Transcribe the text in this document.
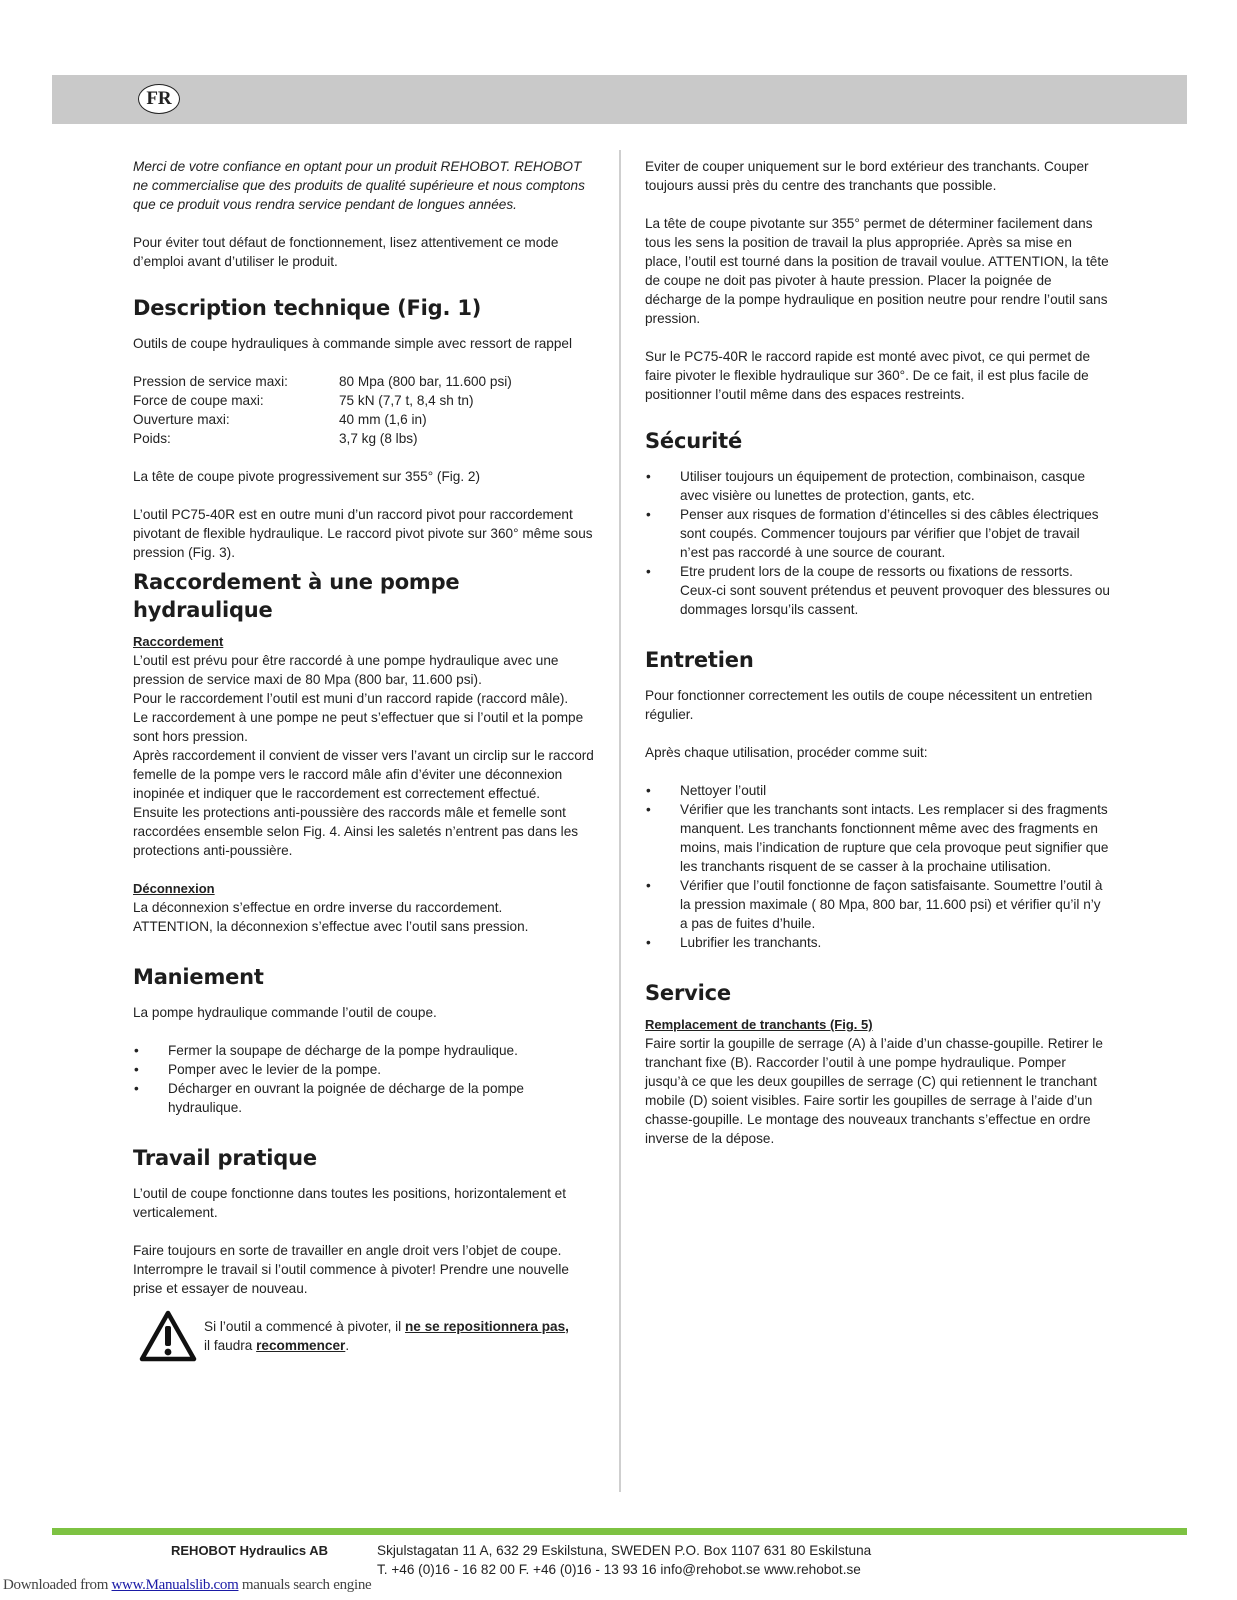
FR

Merci de votre confiance en optant pour un produit REHOBOT. REHOBOT ne commercialise que des produits de qualité supérieure et nous comptons que ce produit vous rendra service pendant de longues années.

Pour éviter tout défaut de fonctionnement, lisez attentivement ce mode d’emploi avant d’utiliser le produit.

Description technique (Fig. 1)

Outils de coupe hydrauliques à commande simple avec ressort de rappel

Pression de service maxi:	80 Mpa (800 bar, 11.600 psi)
Force de coupe maxi:	75 kN (7,7 t, 8,4 sh tn)
Ouverture maxi:	40 mm (1,6 in)
Poids:	3,7 kg (8 lbs)

La tête de coupe pivote progressivement sur 355° (Fig. 2)

L’outil PC75-40R est en outre muni d’un raccord pivot pour raccordement pivotant de flexible hydraulique. Le raccord pivot pivote sur 360° même sous pression (Fig. 3).

Raccordement à une pompe hydraulique

Raccordement

L’outil est prévu pour être raccordé à une pompe hydraulique avec une pression de service maxi de 80 Mpa (800 bar, 11.600 psi).

Pour le raccordement l’outil est muni d’un raccord rapide (raccord mâle).

Le raccordement à une pompe ne peut s’effectuer que si l’outil et la pompe sont hors pression.

Après raccordement il convient de visser vers l’avant un circlip sur le raccord femelle de la pompe vers le raccord mâle afin d’éviter une déconnexion inopinée et indiquer que le raccordement est correctement effectué.

Ensuite les protections anti-poussière des raccords mâle et femelle sont raccordées ensemble selon Fig. 4. Ainsi les saletés n’entrent pas dans les protections anti-poussière.

Déconnexion

La déconnexion s’effectue en ordre inverse du raccordement.

ATTENTION, la déconnexion s’effectue avec l’outil sans pression.

Maniement

La pompe hydraulique commande l’outil de coupe.

• Fermer la soupape de décharge de la pompe hydraulique.
• Pomper avec le levier de la pompe.
• Décharger en ouvrant la poignée de décharge de la pompe hydraulique.
Travail pratique

L’outil de coupe fonctionne dans toutes les positions, horizontalement et verticalement.

Faire toujours en sorte de travailler en angle droit vers l’objet de coupe. Interrompre le travail si l’outil commence à pivoter! Prendre une nouvelle prise et essayer de nouveau.

Si l’outil a commencé à pivoter, il ne se repositionnera pas,

il faudra recommencer.

Eviter de couper uniquement sur le bord extérieur des tranchants. Couper toujours aussi près du centre des tranchants que possible.

La tête de coupe pivotante sur 355° permet de déterminer facilement dans tous les sens la position de travail la plus appropriée. Après sa mise en place, l’outil est tourné dans la position de travail voulue. ATTENTION, la tête de coupe ne doit pas pivoter à haute pression. Placer la poignée de décharge de la pompe hydraulique en position neutre pour rendre l’outil sans pression.

Sur le PC75-40R le raccord rapide est monté avec pivot, ce qui permet de faire pivoter le flexible hydraulique sur 360°. De ce fait, il est plus facile de positionner l’outil même dans des espaces restreints.

Sécurité
• Utiliser toujours un équipement de protection, combinaison, casque avec visière ou lunettes de protection, gants, etc.
• Penser aux risques de formation d’étincelles si des câbles électriques sont coupés. Commencer toujours par vérifier que l’objet de travail n’est pas raccordé à une source de courant.
• Etre prudent lors de la coupe de ressorts ou fixations de ressorts. Ceux-ci sont souvent prétendus et peuvent provoquer des blessures ou dommages lorsqu’ils cassent.
Entretien

Pour fonctionner correctement les outils de coupe nécessitent un entretien régulier.

Après chaque utilisation, procéder comme suit:

• Nettoyer l’outil
• Vérifier que les tranchants sont intacts. Les remplacer si des fragments manquent. Les tranchants fonctionnent même avec des fragments en moins, mais l’indication de rupture que cela provoque peut signifier que les tranchants risquent de se casser à la prochaine utilisation.
• Vérifier que l’outil fonctionne de façon satisfaisante. Soumettre l’outil à la pression maximale ( 80 Mpa, 800 bar, 11.600 psi) et vérifier qu’il n’y a pas de fuites d’huile.
• Lubrifier les tranchants.
Service

Remplacement de tranchants (Fig. 5)

Faire sortir la goupille de serrage (A) à l’aide d’un chasse-goupille. Retirer le tranchant fixe (B). Raccorder l’outil à une pompe hydraulique. Pomper jusqu’à ce que les deux goupilles de serrage (C) qui retiennent le tranchant mobile (D) soient visibles. Faire sortir les goupilles de serrage à l’aide d’un chasse-goupille. Le montage des nouveaux tranchants s’effectue en ordre inverse de la dépose.

REHOBOT Hydraulics AB	Skjulstagatan 11 A, 632 29 Eskilstuna, SWEDEN P.O. Box 1107 631 80 Eskilstuna

T. +46 (0)16 - 16 82 00 F. +46 (0)16 - 13 93 16 info@rehobot.se www.rehobot.se

Downloaded from www.Manualslib.com manuals search engine
